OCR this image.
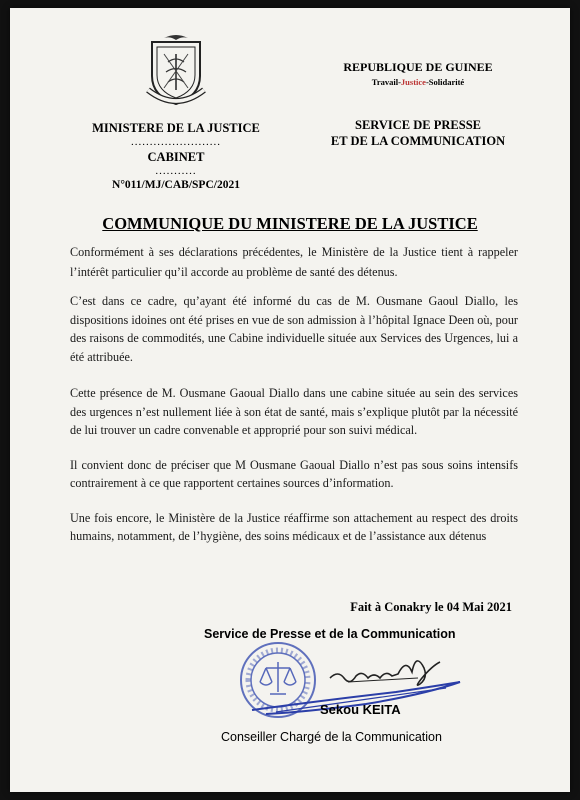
MINISTERE DE LA JUSTICE
........................
CABINET
...........
N°011/MJ/CAB/SPC/2021
REPUBLIQUE DE GUINEE
Travail-Justice-Solidarité
SERVICE DE PRESSE
ET DE LA COMMUNICATION
COMMUNIQUE DU MINISTERE DE LA JUSTICE

Conformément à ses déclarations précédentes, le Ministère de la Justice tient à rappeler l’intérêt particulier qu’il accorde au problème de santé des détenus.

C’est dans ce cadre, qu’ayant été informé du cas de M. Ousmane Gaoul Diallo, les dispositions idoines ont été prises en vue de son admission à l’hôpital Ignace Deen où, pour des raisons de commodités, une Cabine individuelle située aux Services des Urgences, lui a été attribuée.

Cette présence de M. Ousmane Gaoual Diallo dans une cabine située au sein des services des urgences n’est nullement liée à son état de santé, mais s’explique plutôt par la nécessité de lui trouver un cadre convenable et approprié pour son suivi médical.

Il convient donc de préciser que M Ousmane Gaoual Diallo n’est pas sous soins intensifs contrairement à ce que rapportent certaines sources d’information.

Une fois encore, le Ministère de la Justice réaffirme son attachement au respect des droits humains, notamment, de l’hygiène, des soins médicaux et de l’assistance aux détenus

Fait à Conakry le 04 Mai 2021
Service de Presse et de la Communication
Sekou KEITA
Conseiller Chargé de la Communication
